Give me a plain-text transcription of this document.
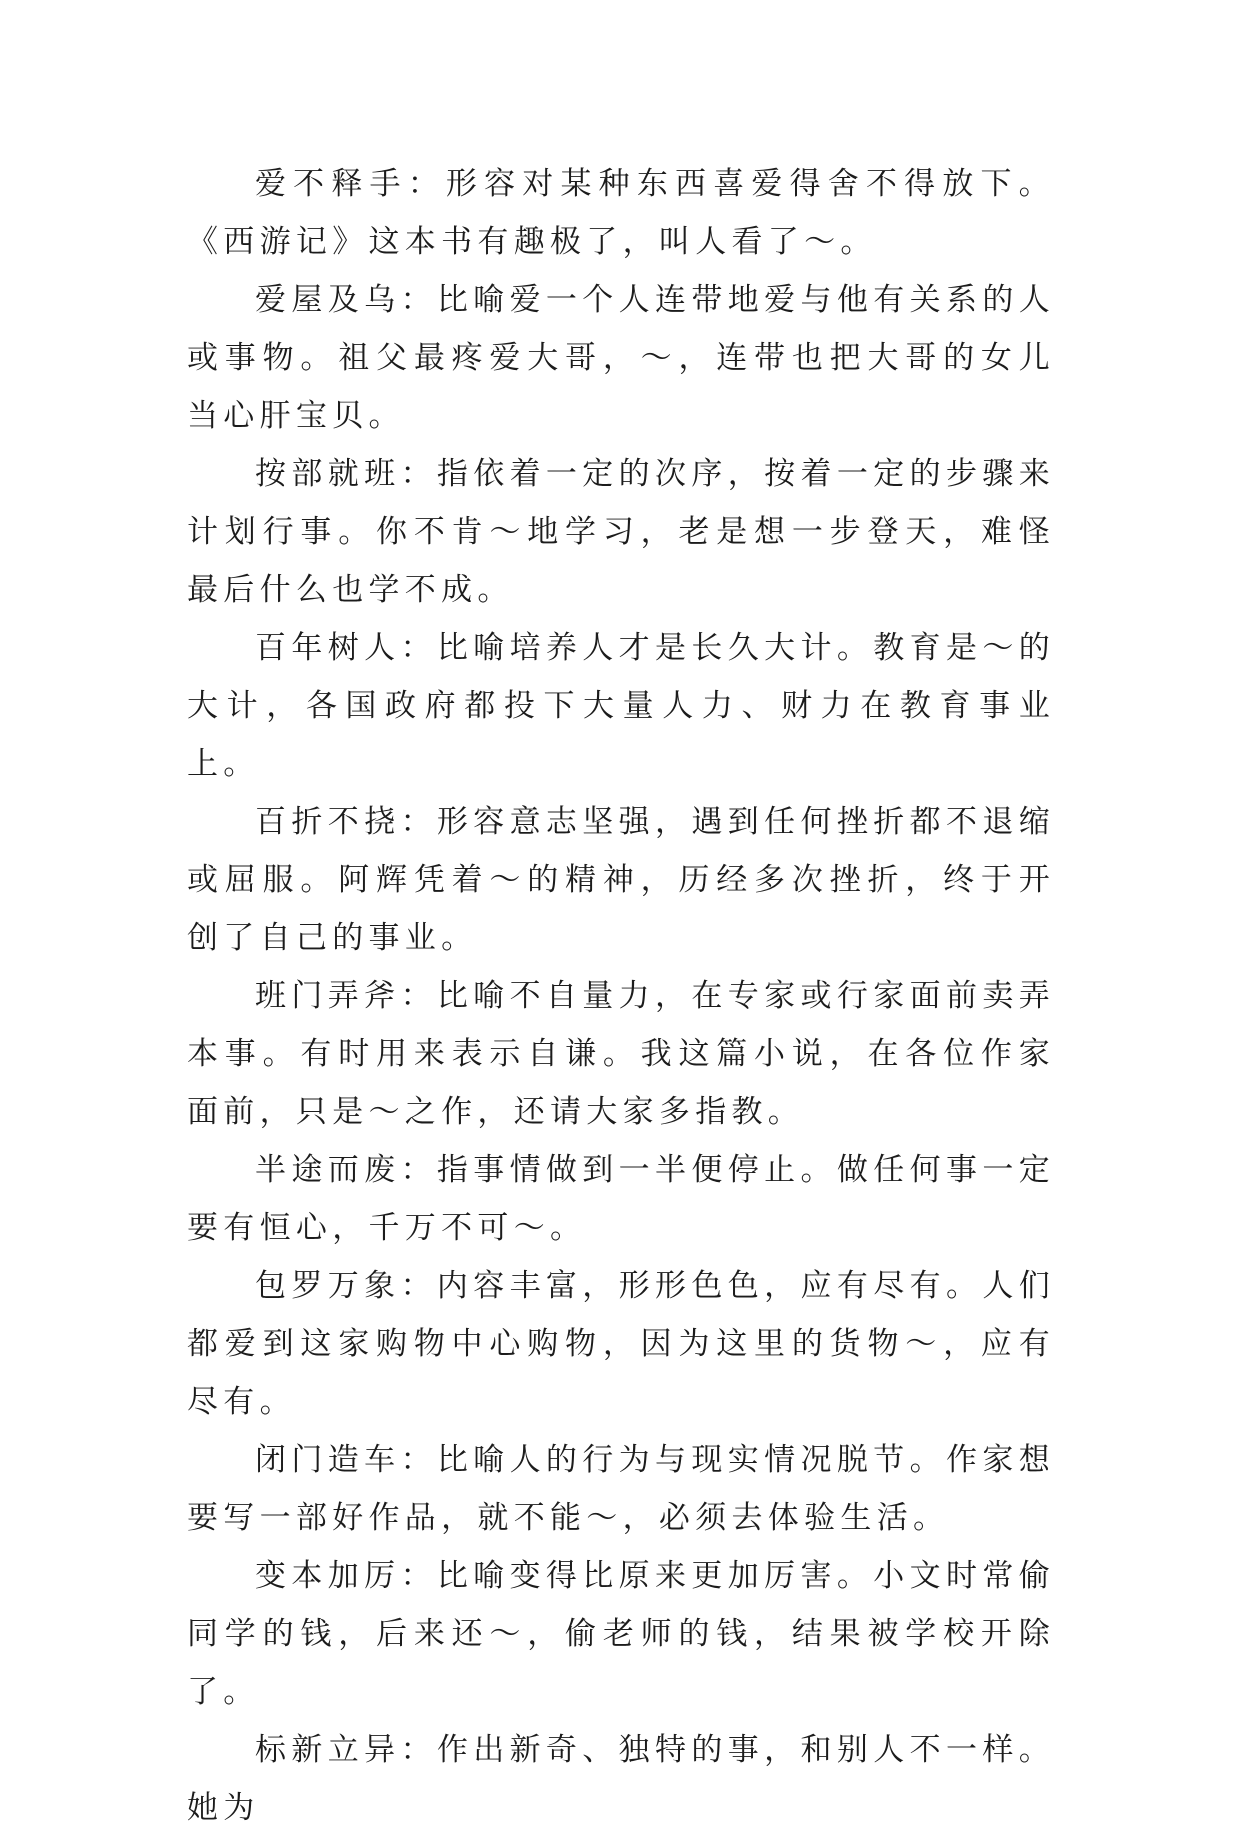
爱不释手：形容对某种东西喜爱得舍不得放下。《西游记》这本书有趣极了，叫人看了～。

爱屋及乌：比喻爱一个人连带地爱与他有关系的人或事物。祖父最疼爱大哥，～，连带也把大哥的女儿当心肝宝贝。

按部就班：指依着一定的次序，按着一定的步骤来计划行事。你不肯～地学习，老是想一步登天，难怪最后什么也学不成。

百年树人：比喻培养人才是长久大计。教育是～的大计，各国政府都投下大量人力、财力在教育事业上。

百折不挠：形容意志坚强，遇到任何挫折都不退缩或屈服。阿辉凭着～的精神，历经多次挫折，终于开创了自己的事业。

班门弄斧：比喻不自量力，在专家或行家面前卖弄本事。有时用来表示自谦。我这篇小说，在各位作家面前，只是～之作，还请大家多指教。

半途而废：指事情做到一半便停止。做任何事一定要有恒心，千万不可～。

包罗万象：内容丰富，形形色色，应有尽有。人们都爱到这家购物中心购物，因为这里的货物～，应有尽有。

闭门造车：比喻人的行为与现实情况脱节。作家想要写一部好作品，就不能～，必须去体验生活。

变本加厉：比喻变得比原来更加厉害。小文时常偷同学的钱，后来还～，偷老师的钱，结果被学校开除了。

标新立异：作出新奇、独特的事，和别人不一样。她为
